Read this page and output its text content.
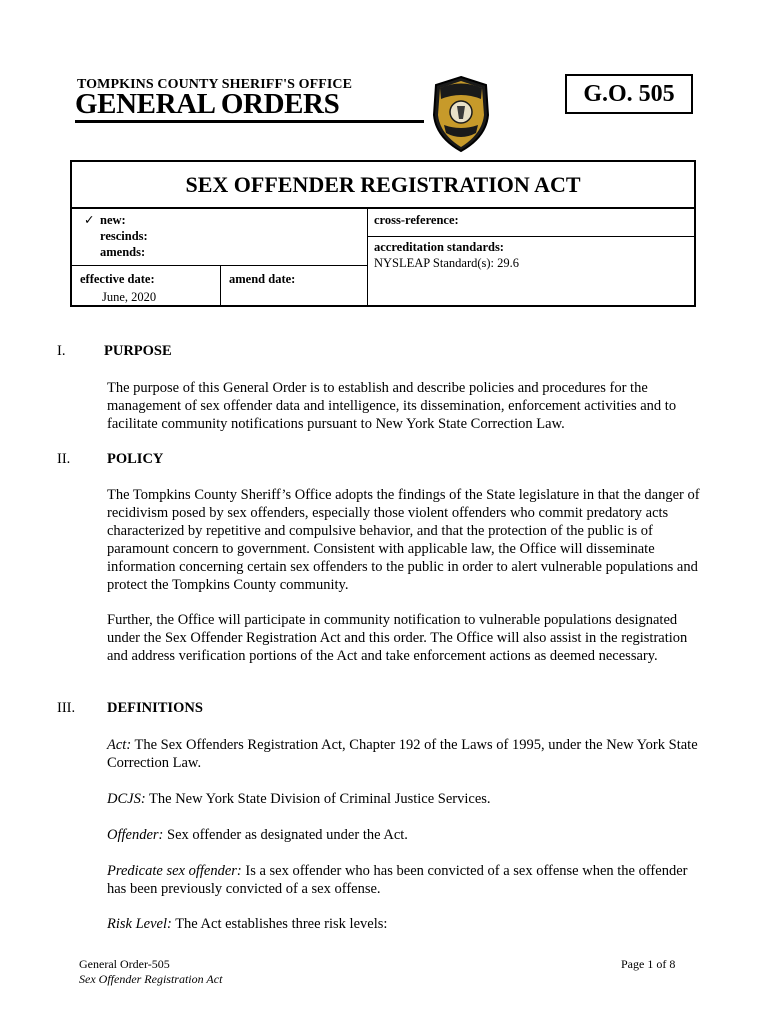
TOMPKINS COUNTY SHERIFF'S OFFICE
GENERAL ORDERS	G.O. 505
SEX OFFENDER REGISTRATION ACT
✓ new:
rescinds:
amends:
cross-reference:
accreditation standards:
NYSLEAP Standard(s): 29.6
effective date:
June, 2020
amend date:
I.	PURPOSE
The purpose of this General Order is to establish and describe policies and procedures for the management of sex offender data and intelligence, its dissemination, enforcement activities and to facilitate community notifications pursuant to New York State Correction Law.
II.	POLICY
The Tompkins County Sheriff’s Office adopts the findings of the State legislature in that the danger of recidivism posed by sex offenders, especially those violent offenders who commit predatory acts characterized by repetitive and compulsive behavior, and that the protection of the public is of paramount concern to government. Consistent with applicable law, the Office will disseminate information concerning certain sex offenders to the public in order to alert vulnerable populations and protect the Tompkins County community.
Further, the Office will participate in community notification to vulnerable populations designated under the Sex Offender Registration Act and this order. The Office will also assist in the registration and address verification portions of the Act and take enforcement actions as deemed necessary.
III. DEFINITIONS
Act: The Sex Offenders Registration Act, Chapter 192 of the Laws of 1995, under the New York State Correction Law.
DCJS: The New York State Division of Criminal Justice Services.
Offender: Sex offender as designated under the Act.
Predicate sex offender: Is a sex offender who has been convicted of a sex offense when the offender has been previously convicted of a sex offense.
Risk Level: The Act establishes three risk levels:
General Order-505
Sex Offender Registration Act
Page 1 of 8
